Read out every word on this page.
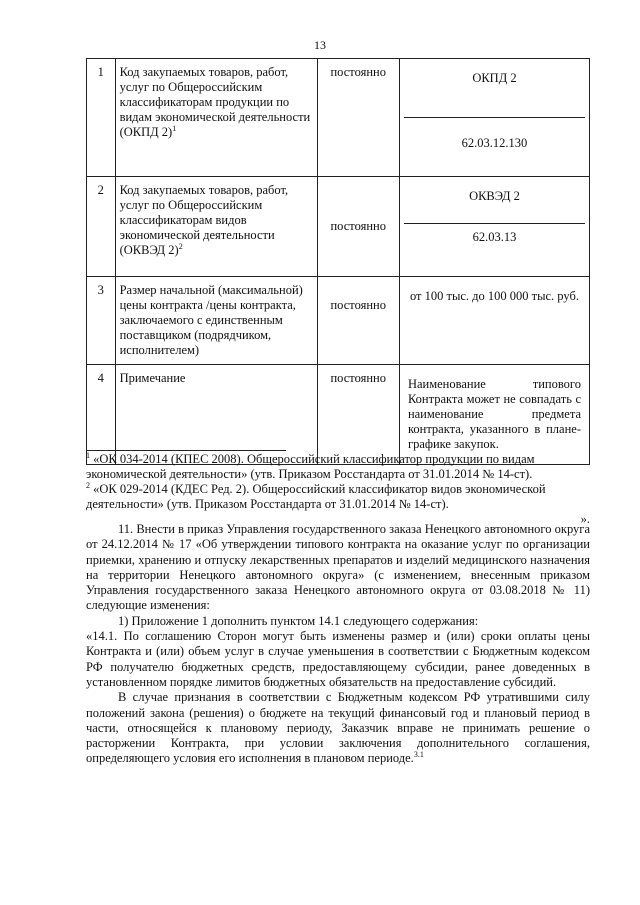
13
1	Код закупаемых товаров, работ, услуг по Общероссийским классификаторам продукции по видам экономической деятельности (ОКПД 2)$^1$	постоянно	ОКПД 2
62.03.12.130

2	Код закупаемых товаров, работ, услуг по Общероссийским классификаторам видов экономической деятельности (ОКВЭД 2)$^2$	постоянно	ОКВЭД 2
62.03.13

3	Размер начальной (максимальной) цены контракта /цены контракта, заключаемого с единственным поставщиком (подрядчиком, исполнителем)	постоянно	от 100 тыс. до 100 000 тыс. руб.

4	Примечание	постоянно	Наименование типового Контракта может не совпадать с наименование предмета контракта, указанного в плане-графике закупок.

$^1$ «ОК 034-2014 (КПЕС 2008). Общероссийский классификатор продукции по видам экономической деятельности» (утв. Приказом Росстандарта от 31.01.2014 № 14-ст).

$^2$ «ОК 029-2014 (КДЕС Ред. 2). Общероссийский классификатор видов экономической деятельности» (утв. Приказом Росстандарта от 31.01.2014 № 14-ст).

».

11. Внести в приказ Управления государственного заказа Ненецкого автономного округа от 24.12.2014 № 17 «Об утверждении типового контракта на оказание услуг по организации приемки, хранению и отпуску лекарственных препаратов и изделий медицинского назначения на территории Ненецкого автономного округа» (с изменением, внесенным приказом Управления государственного заказа Ненецкого автономного округа от 03.08.2018 № 11) следующие изменения:

1) Приложение 1 дополнить пунктом 14.1 следующего содержания:

«14.1. По соглашению Сторон могут быть изменены размер и (или) сроки оплаты цены Контракта и (или) объем услуг в случае уменьшения в соответствии с Бюджетным кодексом РФ получателю бюджетных средств, предоставляющему субсидии, ранее доведенных в установленном порядке лимитов бюджетных обязательств на предоставление субсидий.

В случае признания в соответствии с Бюджетным кодексом РФ утратившими силу положений закона (решения) о бюджете на текущий финансовый год и плановый период в части, относящейся к плановому периоду, Заказчик вправе не принимать решение о расторжении Контракта, при условии заключения дополнительного соглашения, определяющего условия его исполнения в плановом периоде.$^{3.1}$
